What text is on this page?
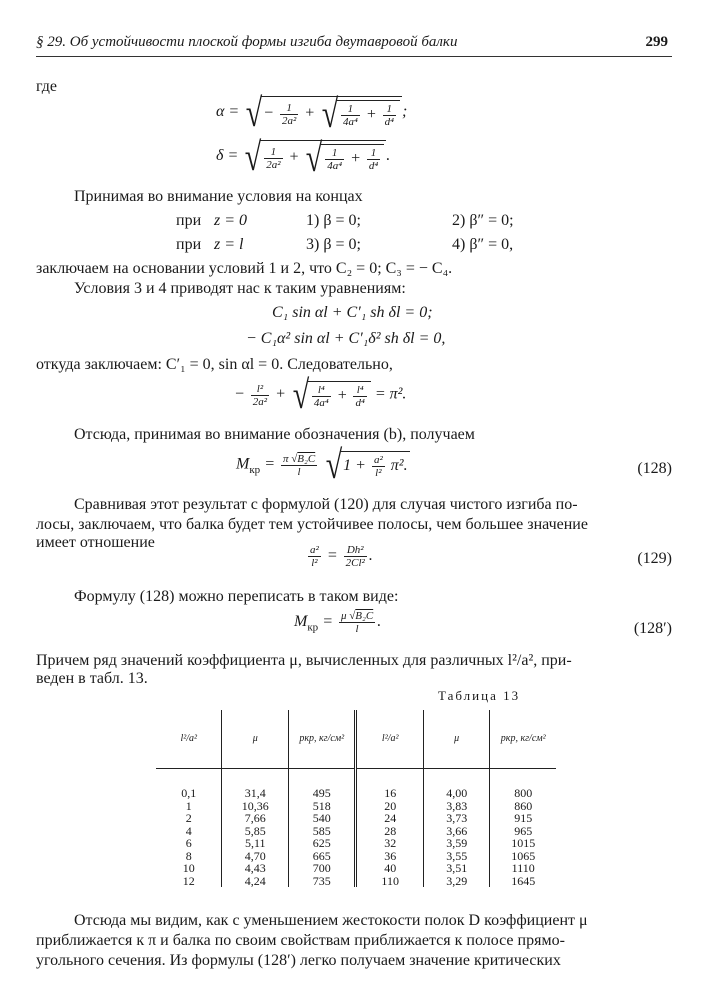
§ 29. Об устойчивости плоской формы изгиба двутавровой балки	299
где
α = √− $\frac{1}{\text{2a²}}$ + √ $\frac{1}{\text{4a⁴}} + \frac{1}{\text{d⁴}}$ ;
δ = √ $\frac{1}{\text{2a²}}$ + √ $\frac{1}{\text{4a⁴}} + \frac{1}{\text{d⁴}}$ .
Принимая во внимание условия на концах
при z = 0	1) β = 0;	2) β″ = 0;
при z = l	3) β = 0;	4) β″ = 0,
заключаем на основании условий 1 и 2, что C₂ = 0; C₃ = − C₄.
Условия 3 и 4 приводят нас к таким уравнениям:
C₁ sin αl + C′₁ sh δl = 0;
− C₁α² sin αl + C′₁δ² sh δl = 0,
откуда заключаем: C′₁ = 0, sin αl = 0. Следовательно,
− $\frac{\text{l²}}{\text{2a²}}$ + √ $\frac{\text{l⁴}}{\text{4a⁴}} + \frac{\text{l⁴}}{\text{d⁴}} = \pi^2$.
Отсюда, принимая во внимание обозначения (b), получаем
$M_{кр} = \frac{\text{π √B₂C}}{l} √1 + \frac{\text{a²}}{\text{l²}} \pi^2$.	(128)
Сравнивая этот результат с формулой (120) для случая чистого изгиба по-
лосы, заключаем, что балка будет тем устойчивее полосы, чем большее значение
имеет отношение
$\frac{\text{a²}}{\text{l²}} = \frac{\text{Dh²}}{\text{2Cl²}}$ .	(129)
Формулу (128) можно переписать в таком виде:
$M_{кр} = \frac{\text{μ √B₂C}}{l}$ .	(128′)
Причем ряд значений коэффициента μ, вычисленных для различных l²/a², при-
веден в табл. 13.
Таблица 13
l²/a²	μ	pкр, кг/см²	l²/a²	μ	pкр, кг/см²

0,1	31,4	495	16	4,00	800
1	10,36	518	20	3,83	860
2	7,66	540	24	3,73	915
4	5,85	585	28	3,66	965
6	5,11	625	32	3,59	1015
8	4,70	665	36	3,55	1065
10	4,43	700	40	3,51	1110
12	4,24	735	110	3,29	1645
Отсюда мы видим, как с уменьшением жестокости полок D коэффициент μ
приближается к π и балка по своим свойствам приближается к полосе прямо-
угольного сечения. Из формулы (128′) легко получаем значение критических
